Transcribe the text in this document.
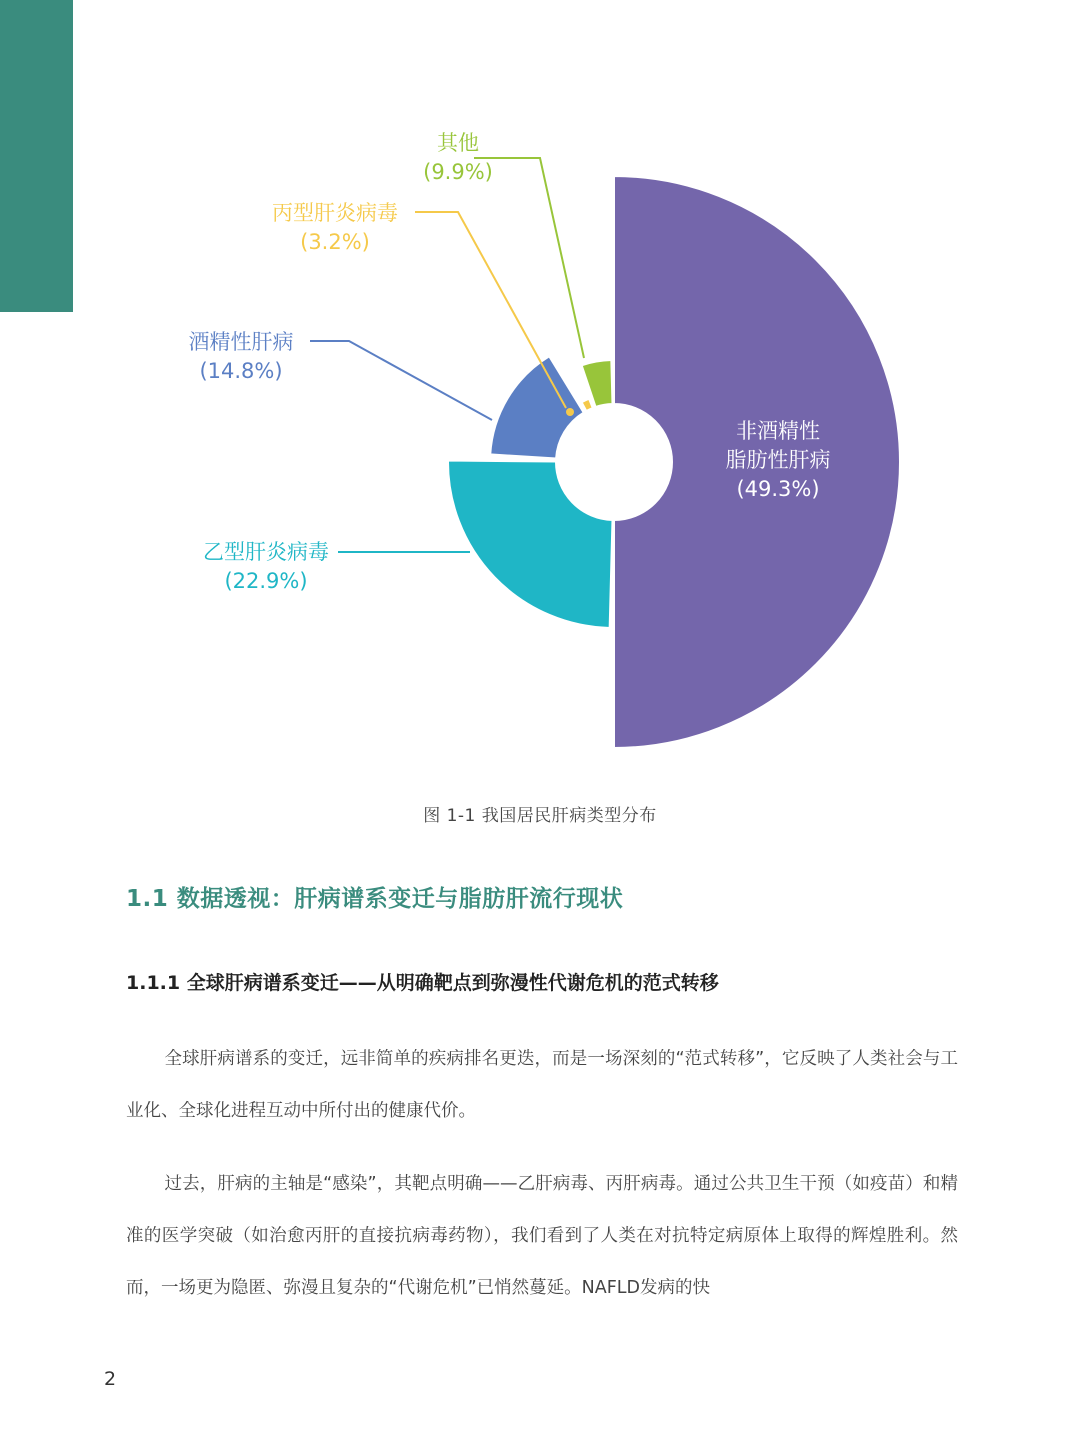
非酒精性
脂肪性肝病
(49.3%)
乙型肝炎病毒
(22.9%)
酒精性肝病
(14.8%)
丙型肝炎病毒
(3.2%)
其他
(9.9%)
图 1-1 我国居民肝病类型分布
1.1 数据透视：肝病谱系变迁与脂肪肝流行现状
1.1.1 全球肝病谱系变迁——从明确靶点到弥漫性代谢危机的范式转移
全球肝病谱系的变迁，远非简单的疾病排名更迭，而是一场深刻的“范式转移”，它反映了人类社会与工业化、全球化进程互动中所付出的健康代价。
过去，肝病的主轴是“感染”，其靶点明确——乙肝病毒、丙肝病毒。通过公共卫生干预（如疫苗）和精准的医学突破（如治愈丙肝的直接抗病毒药物），我们看到了人类在对抗特定病原体上取得的辉煌胜利。然而，一场更为隐匿、弥漫且复杂的“代谢危机”已悄然蔓延。NAFLD发病的快
2
